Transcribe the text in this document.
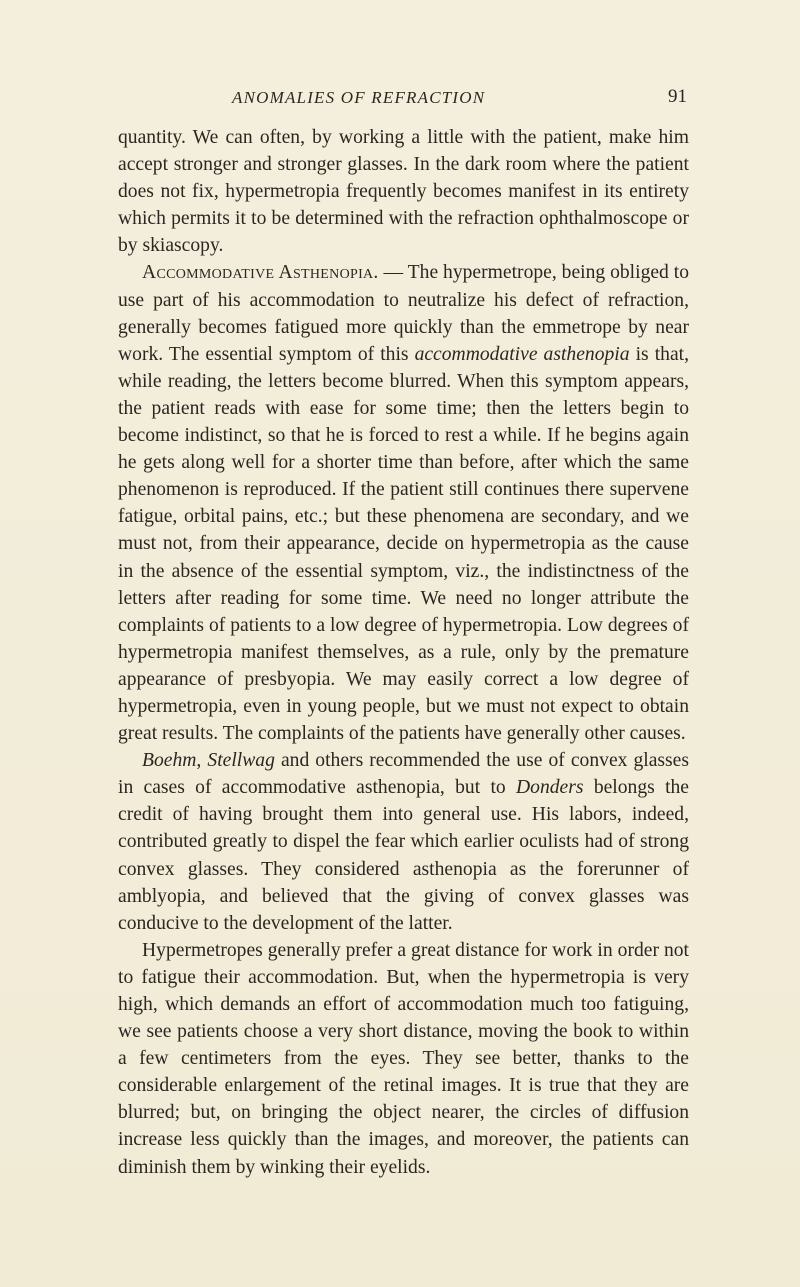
ANOMALIES OF REFRACTION	91

quantity. We can often, by working a little with the patient, make him accept stronger and stronger glasses. In the dark room where the patient does not fix, hypermetropia frequently becomes manifest in its entirety which permits it to be determined with the refraction ophthalmoscope or by skiascopy.

Accommodative Asthenopia. — The hypermetrope, being obliged to use part of his accommodation to neutralize his defect of refraction, generally becomes fatigued more quickly than the emmetrope by near work. The essential symptom of this accommodative asthenopia is that, while reading, the letters become blurred. When this symptom appears, the patient reads with ease for some time; then the letters begin to become indistinct, so that he is forced to rest a while. If he begins again he gets along well for a shorter time than before, after which the same phenomenon is reproduced. If the patient still continues there supervene fatigue, orbital pains, etc.; but these phenomena are secondary, and we must not, from their appearance, decide on hypermetropia as the cause in the absence of the essential symptom, viz., the indistinctness of the letters after reading for some time. We need no longer attribute the complaints of patients to a low degree of hypermetropia. Low degrees of hypermetropia manifest themselves, as a rule, only by the premature appearance of presbyopia. We may easily correct a low degree of hypermetropia, even in young people, but we must not expect to obtain great results. The complaints of the patients have generally other causes.

Boehm, Stellwag and others recommended the use of convex glasses in cases of accommodative asthenopia, but to Donders belongs the credit of having brought them into general use. His labors, indeed, contributed greatly to dispel the fear which earlier oculists had of strong convex glasses. They considered asthenopia as the forerunner of amblyopia, and believed that the giving of convex glasses was conducive to the development of the latter.

Hypermetropes generally prefer a great distance for work in order not to fatigue their accommodation. But, when the hypermetropia is very high, which demands an effort of accommodation much too fatiguing, we see patients choose a very short distance, moving the book to within a few centimeters from the eyes. They see better, thanks to the considerable enlargement of the retinal images. It is true that they are blurred; but, on bringing the object nearer, the circles of diffusion increase less quickly than the images, and moreover, the patients can diminish them by winking their eyelids.
